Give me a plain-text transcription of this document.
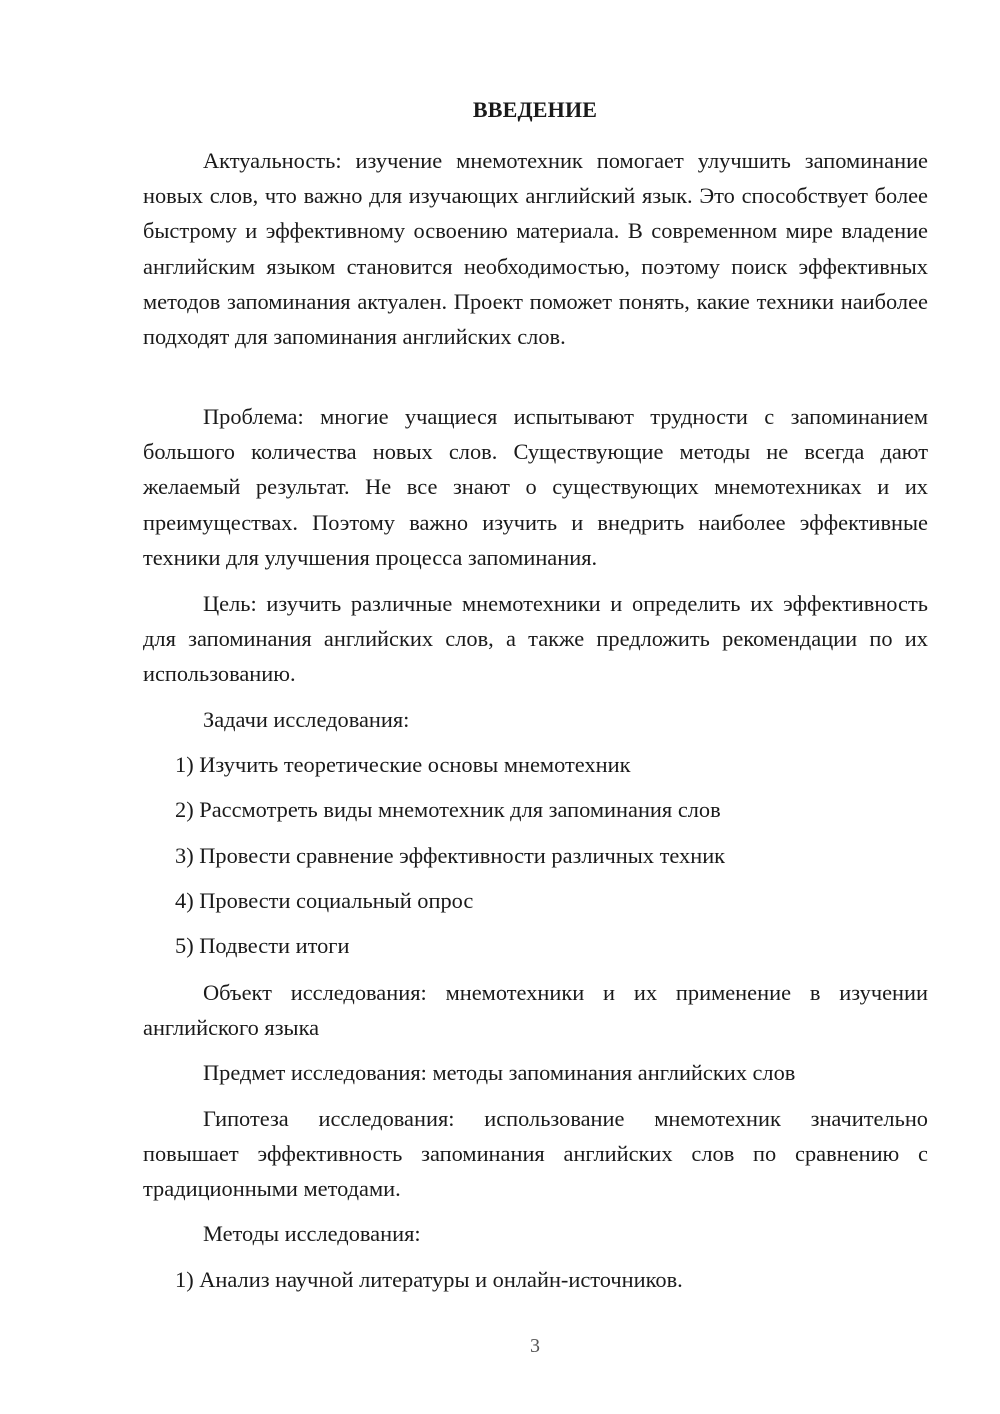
ВВЕДЕНИЕ

Актуальность: изучение мнемотехник помогает улучшить запоминание новых слов, что важно для изучающих английский язык. Это способствует более быстрому и эффективному освоению материала. В современном мире владение английским языком становится необходимостью, поэтому поиск эффективных методов запоминания актуален. Проект поможет понять, какие техники наиболее подходят для запоминания английских слов.

Проблема: многие учащиеся испытывают трудности с запоминанием большого количества новых слов. Существующие методы не всегда дают желаемый результат. Не все знают о существующих мнемотехниках и их преимуществах. Поэтому важно изучить и внедрить наиболее эффективные техники для улучшения процесса запоминания.

Цель: изучить различные мнемотехники и определить их эффективность для запоминания английских слов, а также предложить рекомендации по их использованию.

Задачи исследования:

1) Изучить теоретические основы мнемотехник

2) Рассмотреть виды мнемотехник для запоминания слов

3) Провести сравнение эффективности различных техник

4) Провести социальный опрос

5) Подвести итоги

Объект исследования: мнемотехники и их применение в изучении английского языка

Предмет исследования: методы запоминания английских слов

Гипотеза исследования: использование мнемотехник значительно повышает эффективность запоминания английских слов по сравнению с традиционными методами.

Методы исследования:

1) Анализ научной литературы и онлайн-источников.

3
